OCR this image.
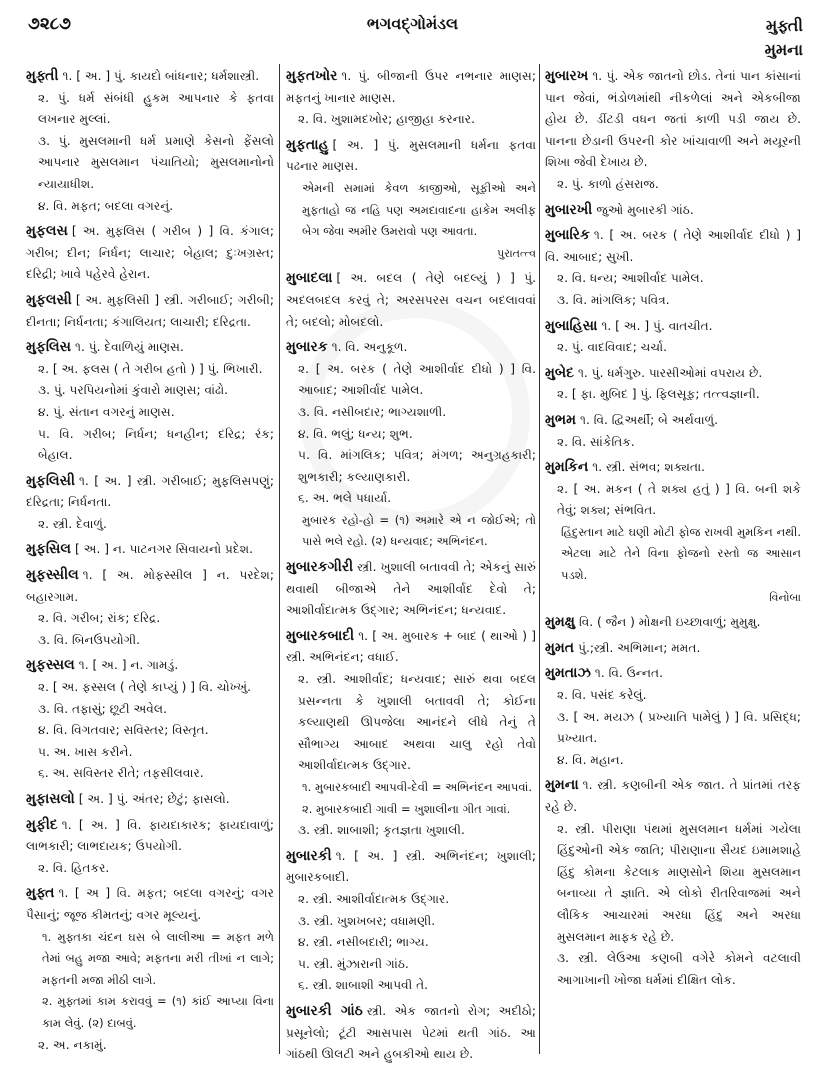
૭૨૮૭	ભગવદ્ગોમંડલ	મુફ્તી
મુમના

મુફ્તી ૧. [ અ. ] પું. કાયદો બાંધનાર; ધર્મશાસ્ત્રી.

૨. પું. ધર્મ સંબંધી હુકમ આપનાર કે ફતવા લખનાર મુલ્લાં.

૩. પું. મુસલમાની ધર્મ પ્રમાણે કેસનો ફેંસલો આપનાર મુસલમાન પંચાતિયો; મુસલમાનોનો ન્યાયાધીશ.

૪. વિ. મફત; બદલા વગરનું.

મુફલસ [ અ. મુફલિસ ( ગરીબ ) ] વિ. કંગાલ; ગરીબ; દીન; નિર્ધન; લાચાર; બેહાલ; દુઃખગ્રસ્ત; દરિદ્રી; ખાવે પહેરવે હેરાન.

મુફલસી [ અ. મુફલિસી ] સ્ત્રી. ગરીબાઈ; ગરીબી; દીનતા; નિર્ધનતા; કંગાલિયત; લાચારી; દરિદ્રતા.

મુફલિસ ૧. પું. દેવાળિયું માણસ.

૨. [ અ. ફલસ ( તે ગરીબ હતો ) ] પું. ભિખારી.

૩. પું. પરપિયનોમાં કુંવારો માણસ; વાંઢો.

૪. પું. સંતાન વગરનું માણસ.

૫. વિ. ગરીબ; નિર્ધન; ધનહીન; દરિદ્ર; રંક; બેહાલ.

મુફલિસી ૧. [ અ. ] સ્ત્રી. ગરીબાઈ; મુફલિસપણું; દરિદ્રતા; નિર્ધનતા.

૨. સ્ત્રી. દેવાળું.

મુફસિલ [ અ. ] ન. પાટનગર સિવાયનો પ્રદેશ.

મુફસ્સીલ ૧. [ અ. મોફસ્સીલ ] ન. પરદેશ; બહારગામ.

૨. વિ. ગરીબ; રાંક; દરિદ્ર.

૩. વિ. બિનઉપયોગી.

મુફસ્સલ ૧. [ અ. ] ન. ગામડું.

૨. [ અ. ફસ્સલ ( તેણે કાપ્યું ) ] વિ. ચોખ્ખું.

૩. વિ. તફાસું; છૂટી અવેલ.

૪. વિ. વિગતવાર; સવિસ્તર; વિસ્તૃત.

૫. અ. ખાસ કરીને.

૬. અ. સવિસ્તર રીતે; તફસીલવાર.

મુફાસલો [ અ. ] પું. અંતર; છેટું; ફાસલો.

મુફીદ ૧. [ અ. ] વિ. ફાયદાકારક; ફાયદાવાળું; લાભકારી; લાભદાયક; ઉપયોગી.

૨. વિ. હિતકર.

મુફ્ત ૧. [ અ ] વિ. મફત; બદલા વગરનું; વગર પૈસાનું; જૂજ કીમતનું; વગર મૂલ્યનું.

૧. મુફ્તકા ચંદન ઘસ બે લાલીઆ = મફત મળે તેમાં બહુ મજા આવે; મફતના મરી તીખાં ન લાગે; મફતની મજા મીઠી લાગે.

૨. મુફ્તમાં કામ કરાવવું = (૧) કાંઈ આપ્યા વિના કામ લેવું. (૨) દાબવું.

૨. અ. નકામું.

મુફતખોર ૧. પું. બીજાની ઉપર નભનાર માણસ; મફતનું ખાનાર માણસ.

૨. વિ. ખુશામદખોર; હાજીહા કરનાર.

મુફતાહુ [ અ. ] પું. મુસલમાની ધર્મના ફતવા પઢનાર માણસ.

એમની સમામાં કેવળ કાજીઓ, સૂફીઓ અને મુફતાહો જ નહિ પણ અમદાવાદના હાકેમ અલીફ બેગ જેવા અમીર ઉમરાવો પણ આવતા.

પુરાતત્ત્વ

મુબાદલા [ અ. બદલ ( તેણે બદલ્યું ) ] પું. અદલબદલ કરવું તે; અરસપરસ વચન બદલાવવાં તે; બદલો; મોબદલો.

મુબારક ૧. વિ. અનુકૂળ.

૨. [ અ. બરક ( તેણે આશીર્વાદ દીધો ) ] વિ. આબાદ; આશીર્વાદ પામેલ.

૩. વિ. નસીબદાર; ભાગ્યશાળી.

૪. વિ. ભલું; ધન્ય; શુભ.

૫. વિ. માંગલિક; પવિત્ર; મંગળ; અનુગ્રહકારી; શુભકારી; કલ્યાણકારી.

૬. અ. ભલે પધાર્યા.

મુબારક રહો-હો = (૧) અમારે એ ન જોઈએ; તો પાસે ભલે રહો. (૨) ધન્યવાદ; અભિનંદન.

મુબારકગીરી સ્ત્રી. ખુશાલી બતાવવી તે; એકનું સારું થવાથી બીજાએ તેને આશીર્વાદ દેવો તે; આશીર્વાદાત્મક ઉદ્ગાર; અભિનંદન; ધન્યવાદ.

મુબારકબાદી ૧. [ અ. મુબારક + બાદ ( થાઓ ) ] સ્ત્રી. અભિનંદન; વધાઈ.

૨. સ્ત્રી. આશીર્વાદ; ધન્યવાદ; સારું થવા બદલ પ્રસન્નતા કે ખુશાલી બતાવવી તે; કોઈના કલ્યાણથી ઊપજેલા આનંદને લીધે તેનું તે સૌભાગ્ય આબાદ અથવા ચાલુ રહો તેવો આશીર્વાદાત્મક ઉદ્ગાર.

૧. મુબારકબાદી આપવી-દેવી = અભિનંદન આપવાં.

૨. મુબારકબાદી ગાવી = ખુશાલીના ગીત ગાવાં.

૩. સ્ત્રી. શાબાશી; કૃતજ્ઞતા ખુશાલી.

મુબારકી ૧. [ અ. ] સ્ત્રી. અભિનંદન; ખુશાલી; મુબારકબાદી.

૨. સ્ત્રી. આશીર્વાદાત્મક ઉદ્ગાર.

૩. સ્ત્રી. ખુશખબર; વધામણી.

૪. સ્ત્રી. નસીબદારી; ભાગ્ય.

૫. સ્ત્રી. મુંઝારાની ગાંઠ.

૬. સ્ત્રી. શાબાશી આપવી તે.

મુબારકી ગાંઠ સ્ત્રી. એક જાતનો રોગ; અદીઠો; પ્રસૂનેલો; ટૂંટી આસપાસ પેટમાં થતી ગાંઠ. આ ગાંઠથી ઊલટી અને હુબકીઓ થાય છે.

મુબારખ ૧. પું. એક જાતનો છોડ. તેનાં પાન કાંસાનાં પાન જેવાં, ભંડોળમાંથી નીકળેલાં અને એકબીજા હોય છે. ડીંટડી વધન જતાં કાળી પડી જાય છે. પાનના છેડાની ઉપરની કોર ખાંચાવાળી અને મયૂરની શિખા જેવી દેખાય છે.

૨. પું. કાળો હંસરાજ.

મુબારખી જુઓ મુબારકી ગાંઠ.

મુબારિક ૧. [ અ. બરક ( તેણે આશીર્વાદ દીધો ) ] વિ. આબાદ; સુખી.

૨. વિ. ધન્ય; આશીર્વાદ પામેલ.

૩. વિ. માંગલિક; પવિત્ર.

મુબાહિસા ૧. [ અ. ] પું. વાતચીત.

૨. પું. વાદવિવાદ; ચર્ચા.

મુબેદ ૧. પું. ધર્મગુરુ. પારસીઓમાં વપરાય છે.

૨. [ ફા. મુબિદ ] પું. ફિલસૂફ; તત્ત્વજ્ઞાની.

મુભમ ૧. વિ. દ્વિઅર્થી; બે અર્થવાળું.

૨. વિ. સાંકેતિક.

મુમકિન ૧. સ્ત્રી. સંભવ; શક્યતા.

૨. [ અ. મકન ( તે શક્ય હતું ) ] વિ. બની શકે તેવું; શક્ય; સંભવિત.

હિંદુસ્તાન માટે ઘણી મોટી ફોજ રાખવી મુમકિન નથી. એટલા માટે તેને વિના ફોજનો રસ્તો જ આસાન પડશે.

વિનોબા

મુમક્ષુ વિ. ( જૈન ) મોક્ષની ઇચ્છાવાળું; મુમુક્ષુ.

મુમત પું.;સ્ત્રી. અભિમાન; મમત.

મુમતાઝ ૧. વિ. ઉન્નત.

૨. વિ. પસંદ કરેલું.

૩. [ અ. મયઝ ( પ્રખ્યાતિ પામેલું ) ] વિ. પ્રસિદ્ધ; પ્રખ્યાત.

૪. વિ. મહાન.

મુમના ૧. સ્ત્રી. કણબીની એક જાત. તે પ્રાંતમાં તરફ રહે છે.

૨. સ્ત્રી. પીરાણા પંથમાં મુસલમાન ધર્મમાં ગયેલા હિંદુઓની એક જાતિ; પીરાણાના સૈયદ ઇમામશાહે હિંદુ કોમના કેટલાક માણસોને શિયા મુસલમાન બનાવ્યા તે જ્ઞાતિ. એ લોકો રીતરિવાજમાં અને લૌકિક આચારમાં અરધા હિંદુ અને અરધા મુસલમાન માફક રહે છે.

૩. સ્ત્રી. લેઉઆ કણબી વગેરે કોમને વટલાવી આગાખાની ખોજા ધર્મમાં દીક્ષિત લોક.
